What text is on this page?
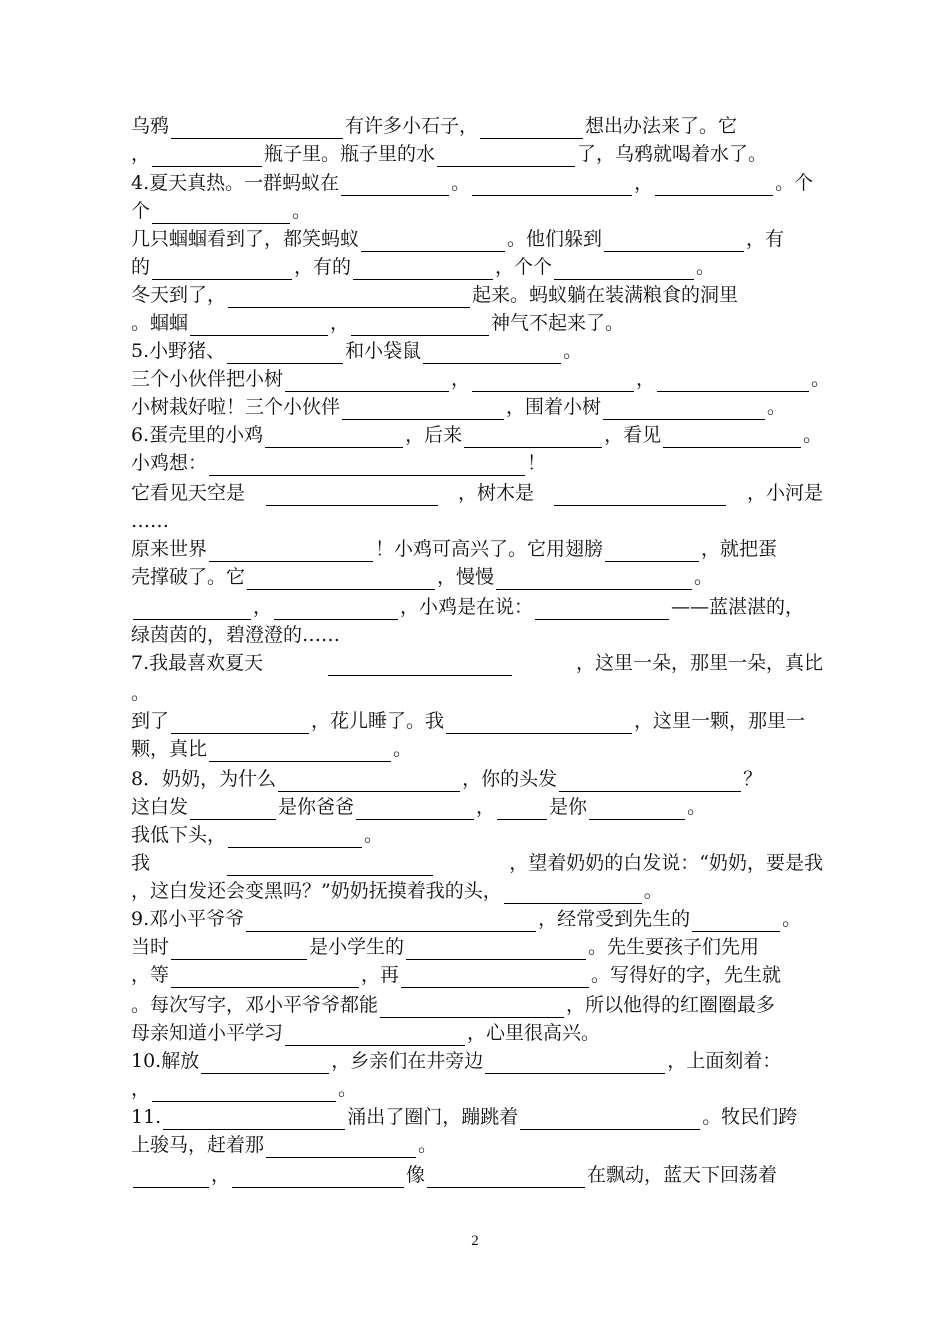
乌鸦	有许多小石子，	想出办法来了。它
，	瓶子里。瓶子里的水	了，乌鸦就喝着水了。
4.夏天真热。一群蚂蚁在	。	，	。个
个	。
几只蝈蝈看到了，都笑蚂蚁	。他们躲到	，有
的	，有的	，个个	。
冬天到了，	起来。蚂蚁躺在装满粮食的洞里
。蝈蝈	，	神气不起来了。
5.小野猪、	和小袋鼠	。
三个小伙伴把小树	，	，	。
小树栽好啦！三个小伙伴	，围着小树	。
6.蛋壳里的小鸡	，后来	，看见	。
小鸡想：	！
它看见天空是	，树木是	，小河是
……
原来世界	！小鸡可高兴了。它用翅膀	，就把蛋
壳撑破了。它	，慢慢	。
，	，小鸡是在说：	——蓝湛湛的，
绿茵茵的，碧澄澄的……
7.我最喜欢夏天	，这里一朵，那里一朵，真比
。
到了	，花儿睡了。我	，这里一颗，那里一
颗，真比	。
8．奶奶，为什么	，你的头发	？
这白发	是你爸爸	，	是你	。
我低下头，	。
我	，望着奶奶的白发说：“奶奶，要是我
，这白发还会变黑吗？”奶奶抚摸着我的头，	。
9.邓小平爷爷	，经常受到先生的	。
当时	是小学生的	。先生要孩子们先用
，等	，再	。写得好的字，先生就
。每次写字，邓小平爷爷都能	，所以他得的红圈圈最多
母亲知道小平学习	，心里很高兴。
10.解放	，乡亲们在井旁边	，上面刻着：
，	。
11.	涌出了圈门，蹦跳着	。牧民们跨
上骏马，赶着那	。
，	像	在飘动，蓝天下回荡着
2
